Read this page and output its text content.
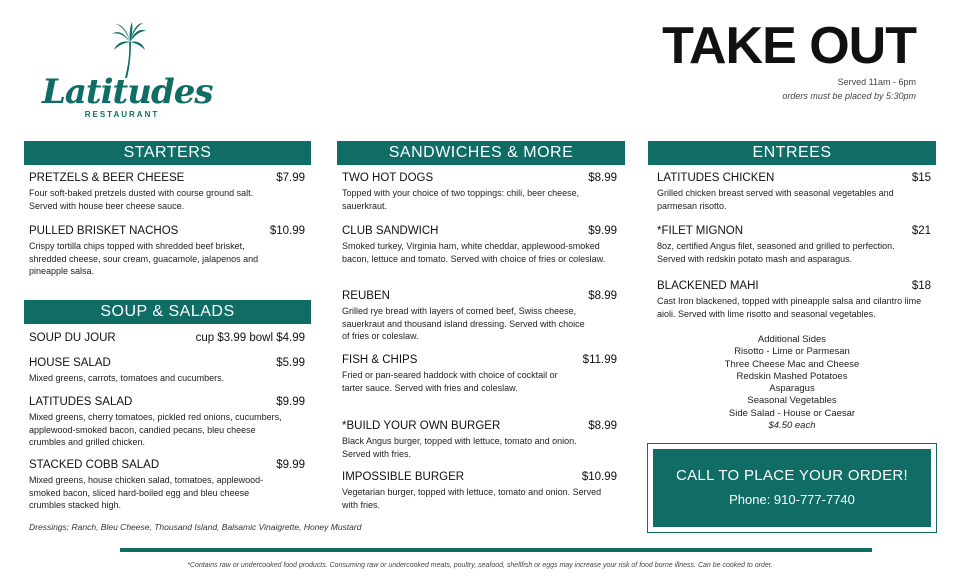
Latitudes
RESTAURANT
TAKE OUT
Served 11am - 6pm
orders must be placed by 5:30pm
STARTERS
PRETZELS & BEER CHEESE	$7.99
Four soft-baked pretzels dusted with course ground salt. Served with house beer cheese sauce.
PULLED BRISKET NACHOS	$10.99
Crispy tortilla chips topped with shredded beef brisket, shredded cheese, sour cream, guacamole, jalapenos and pineapple salsa.
SOUP & SALADS
SOUP DU JOUR	cup $3.99 bowl $4.99
HOUSE SALAD	$5.99
Mixed greens, carrots, tomatoes and cucumbers.
LATITUDES SALAD	$9.99
Mixed greens, cherry tomatoes, pickled red onions, cucumbers, applewood-smoked bacon, candied pecans, bleu cheese crumbles and grilled chicken.
STACKED COBB SALAD	$9.99
Mixed greens, house chicken salad, tomatoes, applewood-smoked bacon, sliced hard-boiled egg and bleu cheese crumbles stacked high.
Dressings: Ranch, Bleu Cheese, Thousand Island, Balsamic Vinaigrette, Honey Mustard
SANDWICHES & MORE
TWO HOT DOGS	$8.99
Topped with your choice of two toppings: chili, beer cheese, sauerkraut.
CLUB SANDWICH	$9.99
Smoked turkey, Virginia ham, white cheddar, applewood-smoked bacon, lettuce and tomato. Served with choice of fries or coleslaw.
REUBEN	$8.99
Grilled rye bread with layers of corned beef, Swiss cheese, sauerkraut and thousand island dressing. Served with choice of fries or coleslaw.
FISH & CHIPS	$11.99
Fried or pan-seared haddock with choice of cocktail or tarter sauce. Served with fries and coleslaw.
*BUILD YOUR OWN BURGER	$8.99
Black Angus burger, topped with lettuce, tomato and onion. Served with fries.
IMPOSSIBLE BURGER	$10.99
Vegetarian burger, topped with lettuce, tomato and onion. Served with fries.
ENTREES
LATITUDES CHICKEN	$15
Grilled chicken breast served with seasonal vegetables and parmesan risotto.
*FILET MIGNON	$21
8oz, certified Angus filet, seasoned and grilled to perfection. Served with redskin potato mash and asparagus.
BLACKENED MAHI	$18
Cast Iron blackened, topped with pineapple salsa and cilantro lime aioli. Served with lime risotto and seasonal vegetables.
Additional Sides
Risotto - Lime or Parmesan
Three Cheese Mac and Cheese
Redskin Mashed Potatoes
Asparagus
Seasonal Vegetables
Side Salad - House or Caesar
$4.50 each
CALL TO PLACE YOUR ORDER!
Phone: 910-777-7740
*Contains raw or undercooked food products. Consuming raw or undercooked meats, poultry, seafood, shellfish or eggs may increase your risk of food borne illness. Can be cooked to order.
